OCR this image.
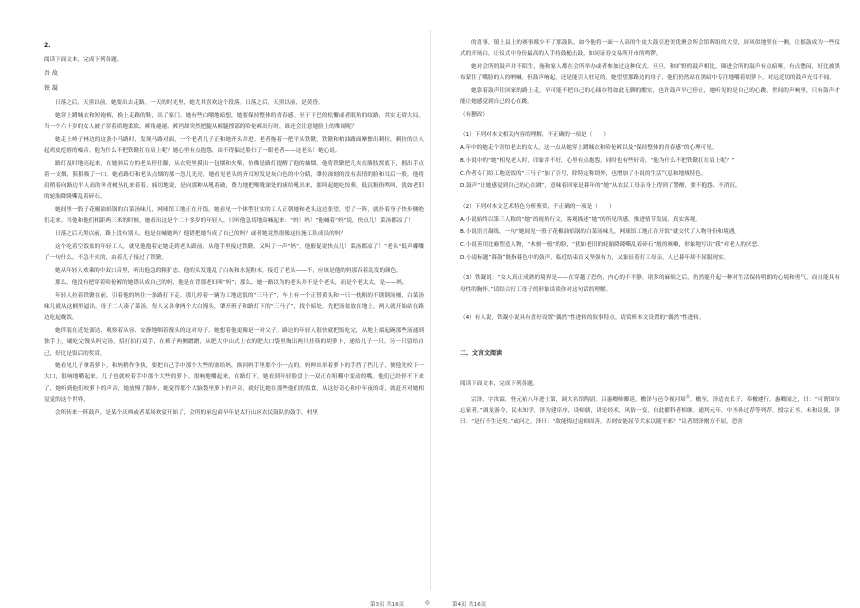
2.

阅读下面文本，完成下列各题。

吾 故
铁 凝

日落之后，天黑以前，她要出去走路。一天的时光里，她尤其喜欢这个段落。日落之后，天黑以前，是黄昏。

她穿上蹲缄衣和短袍裤，换上走路的鞋，出了家门。她有些白嘲地暗想，她要保持整体的青春感。至于下巴的松懈或者眼角的纹路，其实无碍大局。当一个六十岁的女人被子穿着质地柔软、裤角褪褪、裤裆却突然把腿从裤腿撑部的哈伦裤出行时，谁还会注意她脸上的堆闹呢？

她走上岭子林边的这条小马路时，发现马路对面，一个老者儿子正和她齐头并进。老者拖着一把平头铁锨，铁锨和柏油路面摩擦出刺拉、刺拉的让人起鸡皮疙瘩的噪音。他为什么不把铁锨扛在肩上呢？她心里有点抱怨，由不得偏过脸扫了一眼老者——这老头！她心说。

路灯及时地亮起来，在她斜后方的老头停住脚，从衣兜里摸出一包烟和火柴，仿佛是路灯提醒了他的抽烟。他将铁锨把儿夹在胳肢窝底下，拥出手点着一支烟，狠狠吸了一口。她看路灯和老头点烟的那一忽儿光亮，她看见老头的齐耳短发是灰白色的中分睛，肇拉深刻的没有表情的脸和耳后一股。他将肩稍着向路边半人高的冬青树丛扎来着着，痛切地说，是向那种从吼着破，费力地把喉咙深处的痰给吼出来，那叫起她吃惊葬，低沉粗俗鸣叫，犹如老旧的轮胎降隆嘶乱着碎石。

她间里一股子花椒油焰锅的白菜汤味儿，网球馆工地正在开饭。她看见一个体型壮实的工人正朝她和老头这边张望，望了一阵，就扑着身子快步侧绝们走来。当他和他们相距两三米的时候，她看出这是个二十多岁的年轻人，只听他急切地高喊起来：“妈！妈！”他喊着“妈”说，快点儿！菜汤都凉了！

日落之后天黑以前，路上没有别人。他是在喊她吗？他错把她当成了自己的妈？或者她竟然很像这位施工队成员的妈？

这个吃着空饭盆的年轻工人，就见他抱着定她走到老头跟前，从他手里接过铁锨，又叫了一声“妈”。他催促说快点儿！菜汤都凉了！”老头“低声嘟囔了一句什么，不急不火的，由着儿子接过了铁锨。

她从年轻人欢乘的中双口音里，听出他急的粗犷忠。他的头发蓬乱了白灰和水泥粉末。接近了老头——不，应该是他的妈那吞着乱发的颜色。

那么，他没有把穿着哈伦裤的她错认成自己的妈，他是在背那老妇叫“妈”；那么，她一路以为的老头并不是个老头，而是个老太太，是——妈。

年轻人拉着铁锨在前，引着他的妈往一条路打下走。那几停着一辆为工地送饭的“三马子”，车上有一个正替黄头和一只一枕粗的不锈钢汤桶，白菜汤味儿就从这桶里逼出。母子二人凑了菜汤，每人又各拿两个大白馒头，肇开班子和路灯下的“三马子”，找个暗处，先把汤盆放在地上，两人就开始站在路边吃起晚饭。

她伴装在近处溜达，观察着从容、安静地咽着馒头的这对母子。她想着他更像是一对父子。路边的年轻人很快就把饭吃完，从地上端起碗那些汤通到独手上，刷吃完馒头吗完汤，招打拍打双手，在裤子两侧蹭蹭，从肥大中山式上衣的肥大口袋里掏出两只挂筷的胡萝卜，递给儿子一只。另一只留给自己，好比是饭后的奖赏。

她看见儿子拿着萝卜，和妈稍作争执，要把自己手中那个大些的塞给妈，换回妈手里那个小一点的。妈伸出举着萝卜的手挡了挡儿子，便他先咬下一大口，很响地嚼起来。儿子也就咬着手中那个大些的萝卜，很响地嚼起来，在路灯下，她看到年轻脸盘上一双正在咀嚼中变动的嘴。他们已经停不下来了，她听到他们咬萝卜的声音，她放慢了脚步，她觉得那个大脑袋里萝卜的声音，就好比她在那些他们的饭食，从这好奇心和中年夜的奇，就赶开对她相觉觉的这个世界，

会所传来一阵鼓声，是某个庆典或者某场欢宴开始了，会所的承包商早年是太行山区农民鼓队的鼓手，村里

的喜事，镇上县上的赛事都少不了那鼓队。如今他将一面一人高的牛皮大鼓引进美优聚会所会馆晖组的大堂，屏风似地竖在一侧，让摇鼓成为一些仪式的开场白，让仪式中身份最高的人手持鼓槌击鼓，如同证券交易所开市的鸣锣。

她对会所的鼓声并不陌生，施和家人都在会所举办或者参加过这种仪式。旦旦，和旷野的鼓声相比，圈进会所的鼓声有点暗哑，有点憋闷，好比被黑布蒙住了嘴脸的人的呐喊。但鼓声响起，还是能引人驻足的，她望望那路边的母子，他们仍然站在黑暗中专注地嚼着胡萝卜，对远近切的鼓声充耳不闻。

她靠着鼓声往回家的路上走，早可能不把自己的心储存得如此无聊的酣实，也许鼓声早已停止，她听见的是自己的心跳。世间的声响里，只有鼓声才能让她感觉到自己的心在跳。

（有删改）

（1）下列对本文相关内容的理解，不正确的一项是（　　）

A.年中的她走个害怕老去的女人，这一点从她穿上蹲缄衣和哈伦裤以及“保持整体的青春感”的心理可见。

B.小说中的“她”相见老人时，印象并不好，心里有点抱怨，同时也有些好奇，“他为什么不把铁锨扛在肩上呢？”

C.作者专门给工地送饭的“三马子”加了引号，除特定称谓外，也增加了小说的生活气息和地域特色。

D.鼓声“让她感觉到自己的心在跳”，意味着回家是暮年的“她”从农民工母亲身上得到了警醒，要不抱怨、不消沉。

（2）下列对本文艺术特色分析鉴赏，不正确的一项是（　　）

A.小说始终以第三人称的“她”的视角行文，客观描述“她”的所见所感，推进情节发展，真实客观。

B.小说语言凝练，一句“她闻见一股子花椒油焰锅的白菜汤味儿，网球馆工地正在开饭”就交代了人物身份和境遇。

C.小说善用比喻塑造人物，“木刻一般”的脸，“犹如老旧的轮胎降隆嘶乱着碎石”般的咳嗽，形象地写出“我”对老人的厌恶。

D.小说标题“暮鼓”既指暮色中的鼓声，临近结束首又坚强有力，又象征着打工母亲，人已暮年却不屈服现实。

（3）铁凝说：“女人真正成熟的境界是——在穿越了恐伤，内心的不平静，诸多的麻烦之后，仍然能升起一种对生活保持明朗的心境和勇气，而且能具有母性的胸怀。”请结合打工母子的形象谈谈你对这句话的理解。

（4）有人说，铁凝小说具有喜好设置“偶然”性进转的叙事特点。请赏析本文设置的“偶然”性进转。

二、文言文阅读

阅读下面文本，完成下列各题。

宗泽，字汝霖，登元祐八年进士第，调大名馆陶尉。吕惠卿帅鄜延，檄泽与邑令视河埽①，檄至，泽适丧长子，奉檄遽行。惠卿闻之，曰：“可谓国尔忘家者。”调龙游令，民未知学，泽为建庠序，设师儒，讲论经术，风俗一变，自此擢科者相继。通判元年，中丞孙过荐等列荐，授宗正丞，未和议使，泽曰：“是行不生还矣。”或问之，泽曰：“敌能悔过退师固善，否则安能屈节犬豕以随平邪？”议者谓泽刚方不屈，恐害

第3页 共16页	◎	第4页 共16页
